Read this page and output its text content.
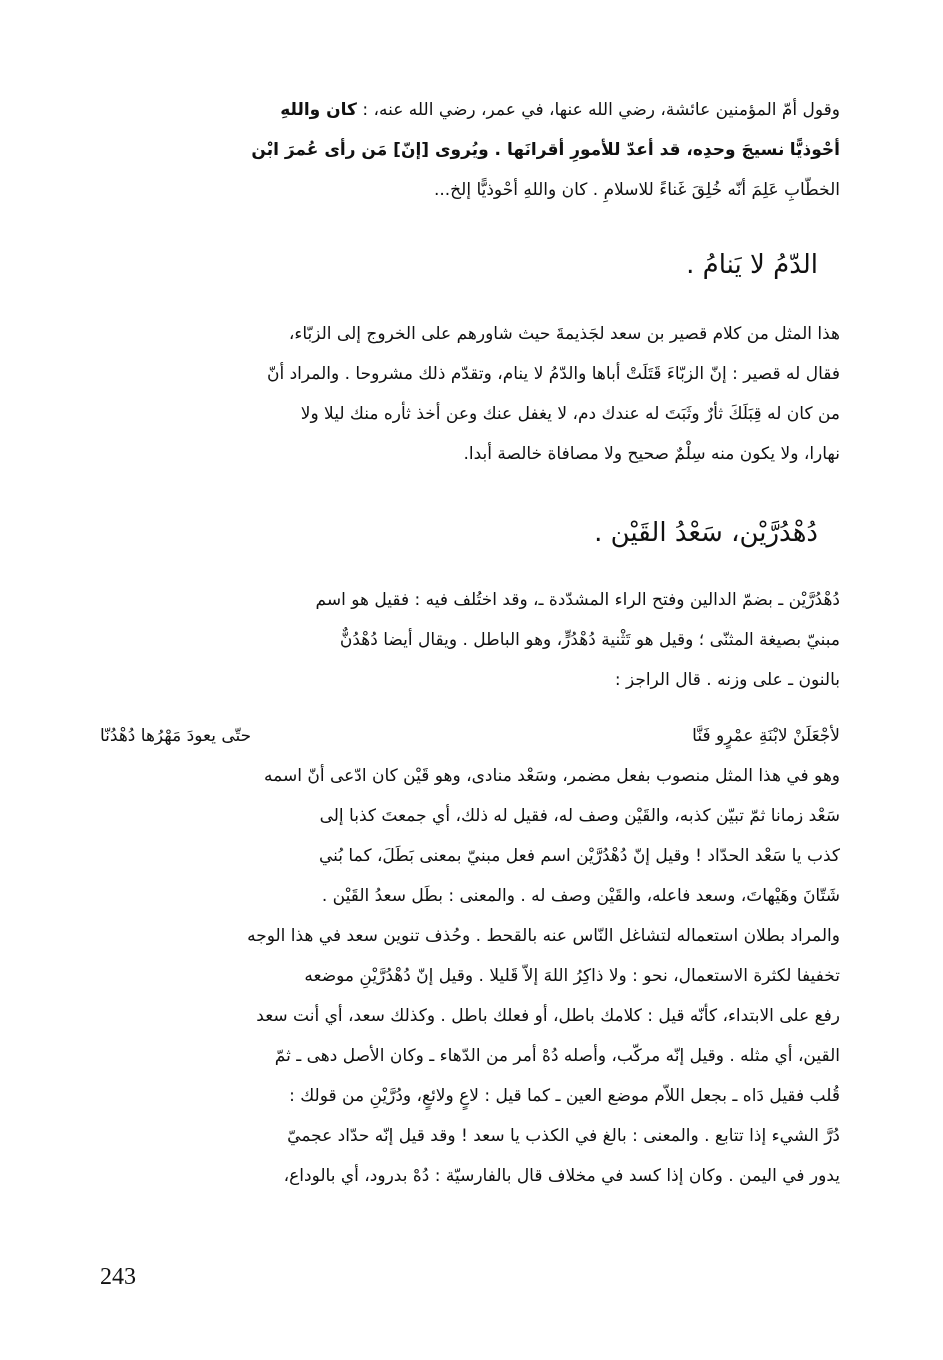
وقول أمّ المؤمنين عائشة، رضي الله عنها، في عمر، رضي الله عنه، : كان واللهِ

أحْوذيًّا نسيجَ وحدِه، قد أعدّ للأمورِ أقرانَها . ويُروى [إنّ] مَن رأى عُمرَ ابْن

الخطّابِ عَلِمَ أنّه خُلِقَ غَناءً للاسلامِ . كان واللهِ أحْوذيًّا إلخ...

الدّمُ لا يَنامُ .

هذا المثل من كلام قصير بن سعد لجَذيمةَ حيث شاورهم على الخروج إلى الزبّاء،

فقال له قصير : إنّ الزبّاءَ قَتَلَتْ أباها والدّمُ لا ينام، وتقدّم ذلك مشروحا . والمراد أنّ

من كان له قِبَلَكَ ثأرٌ وثَبَتَ له عندك دم، لا يغفل عنك وعن أخذ ثأره منك ليلا ولا

نهارا، ولا يكون منه سِلْمٌ صحيح ولا مصافاة خالصة أبدا.

دُهْدُرَّيْن، سَعْدُ القَيْن .

دُهْدُرَّيْن ـ بضمّ الدالين وفتح الراء المشدّدة ـ، وقد اختُلف فيه : فقيل هو اسم

مبنيّ بصيغة المثنّى ؛ وقيل هو تَثْنية دُهْدُرٍّ، وهو الباطل . ويقال أيضا دُهْدُنٌّ

بالنون ـ على وزنه . قال الراجز :

لأجْعَلَنْ لابْنَةِ عمْرٍو فَنَّا
حتّى يعودَ مَهْرُها دُهْدُنّا

وهو في هذا المثل منصوب بفعل مضمر، وسَعْد منادى، وهو قَيْن كان ادّعى أنّ اسمه

سَعْد زمانا ثمّ تبيّن كذبه، والقَيْن وصف له، فقيل له ذلك، أي جمعتَ كذبا إلى

كذب يا سَعْد الحدّاد ! وقيل إنّ دُهْدُرَّيْن اسم فعل مبنيّ بمعنى بَطَلَ، كما بُني

شَتّانَ وهَيْهاتَ، وسعد فاعله، والقَيْن وصف له . والمعنى : بطَل سعدُ القَيْن .

والمراد بطلان استعماله لتشاغل النّاس عنه بالقحط . وحُذف تنوين سعد في هذا الوجه

تخفيفا لكثرة الاستعمال، نحو : ولا ذاكِرُ اللهَ إلاّ قَليلا . وقيل إنّ دُهْدُرَّيْنِ موضعه

رفع على الابتداء، كأنّه قيل : كلامك باطل، أو فعلك باطل . وكذلك سعد، أي أنت سعد

القين، أي مثله . وقيل إنّه مركّب، وأصله دُهْ أمر من الدّهاء ـ وكان الأصل دهى ـ ثمّ

قُلب فقيل دَاه ـ بجعل اللاّم موضع العين ـ كما قيل : لاعٍ ولائعٍ، ودُرَّيْنِ من قولك :

دُرَّ الشيء إذا تتابع . والمعنى : بالغ في الكذب يا سعد ! وقد قيل إنّه حدّاد عجميّ

يدور في اليمن . وكان إذا كسد في مخلاف قال بالفارسيّة : دُهْ بدرود، أي بالوداع،

243
